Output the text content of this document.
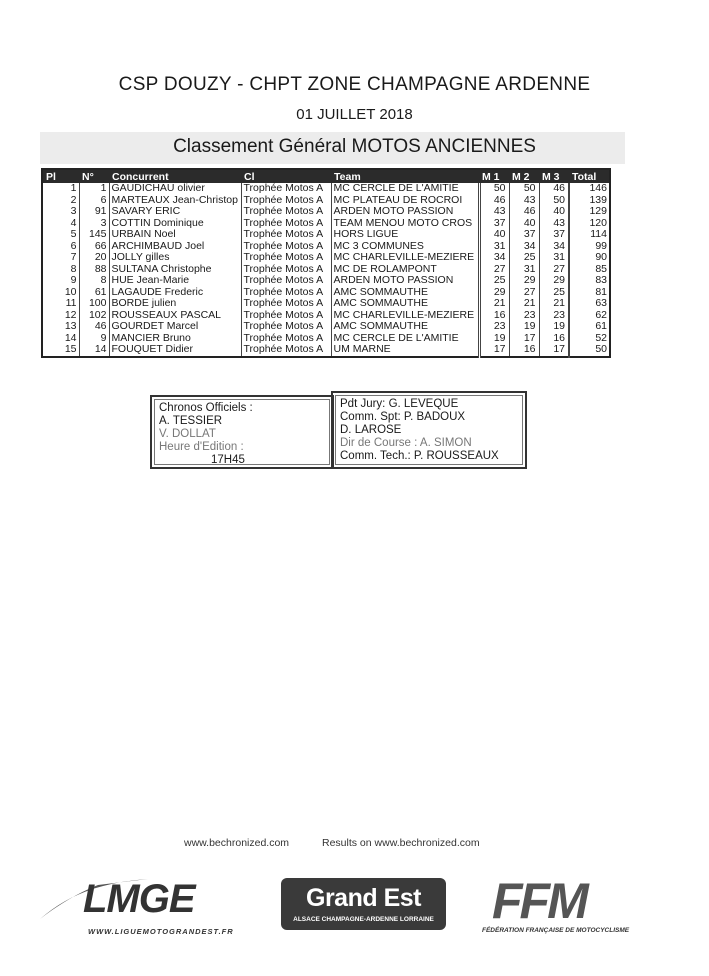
CSP DOUZY - CHPT ZONE CHAMPAGNE ARDENNE
01 JUILLET 2018
Classement Général MOTOS ANCIENNES
Pl	N°	Concurrent	Cl	Team	M 1	M 2	M 3	Total
1	1	GAUDICHAU olivier	Trophée Motos A	MC CERCLE DE L'AMITIE	50	50	46	146
2	6	MARTEAUX Jean-Christop	Trophée Motos A	MC PLATEAU DE ROCROI	46	43	50	139
3	91	SAVARY ERIC	Trophée Motos A	ARDEN MOTO PASSION	43	46	40	129
4	3	COTTIN Dominique	Trophée Motos A	TEAM MENOU MOTO CROS	37	40	43	120
5	145	URBAIN Noel	Trophée Motos A	HORS LIGUE	40	37	37	114
6	66	ARCHIMBAUD Joel	Trophée Motos A	MC 3 COMMUNES	31	34	34	99
7	20	JOLLY gilles	Trophée Motos A	MC CHARLEVILLE-MEZIERE	34	25	31	90
8	88	SULTANA Christophe	Trophée Motos A	MC DE ROLAMPONT	27	31	27	85
9	8	HUE Jean-Marie	Trophée Motos A	ARDEN MOTO PASSION	25	29	29	83
10	61	LAGAUDE Frederic	Trophée Motos A	AMC SOMMAUTHE	29	27	25	81
11	100	BORDE julien	Trophée Motos A	AMC SOMMAUTHE	21	21	21	63
12	102	ROUSSEAUX PASCAL	Trophée Motos A	MC CHARLEVILLE-MEZIERE	16	23	23	62
13	46	GOURDET Marcel	Trophée Motos A	AMC SOMMAUTHE	23	19	19	61
14	9	MANCIER Bruno	Trophée Motos A	MC CERCLE DE L'AMITIE	19	17	16	52
15	14	FOUQUET Didier	Trophée Motos A	UM MARNE	17	16	17	50
Chronos Officiels :
A. TESSIER
V. DOLLAT
Heure d'Edition :
17H45
Pdt Jury: G. LEVEQUE
Comm. Spt: P. BADOUX
D. LAROSE
Dir de Course : A. SIMON
Comm. Tech.: P. ROUSSEAUX
www.bechronized.com	Results on www.bechronized.com
LMGE
WWW.LIGUEMOTOGRANDEST.FR
Grand Est
ALSACE CHAMPAGNE-ARDENNE LORRAINE FFM
FÉDÉRATION FRANÇAISE DE MOTOCYCLISME
